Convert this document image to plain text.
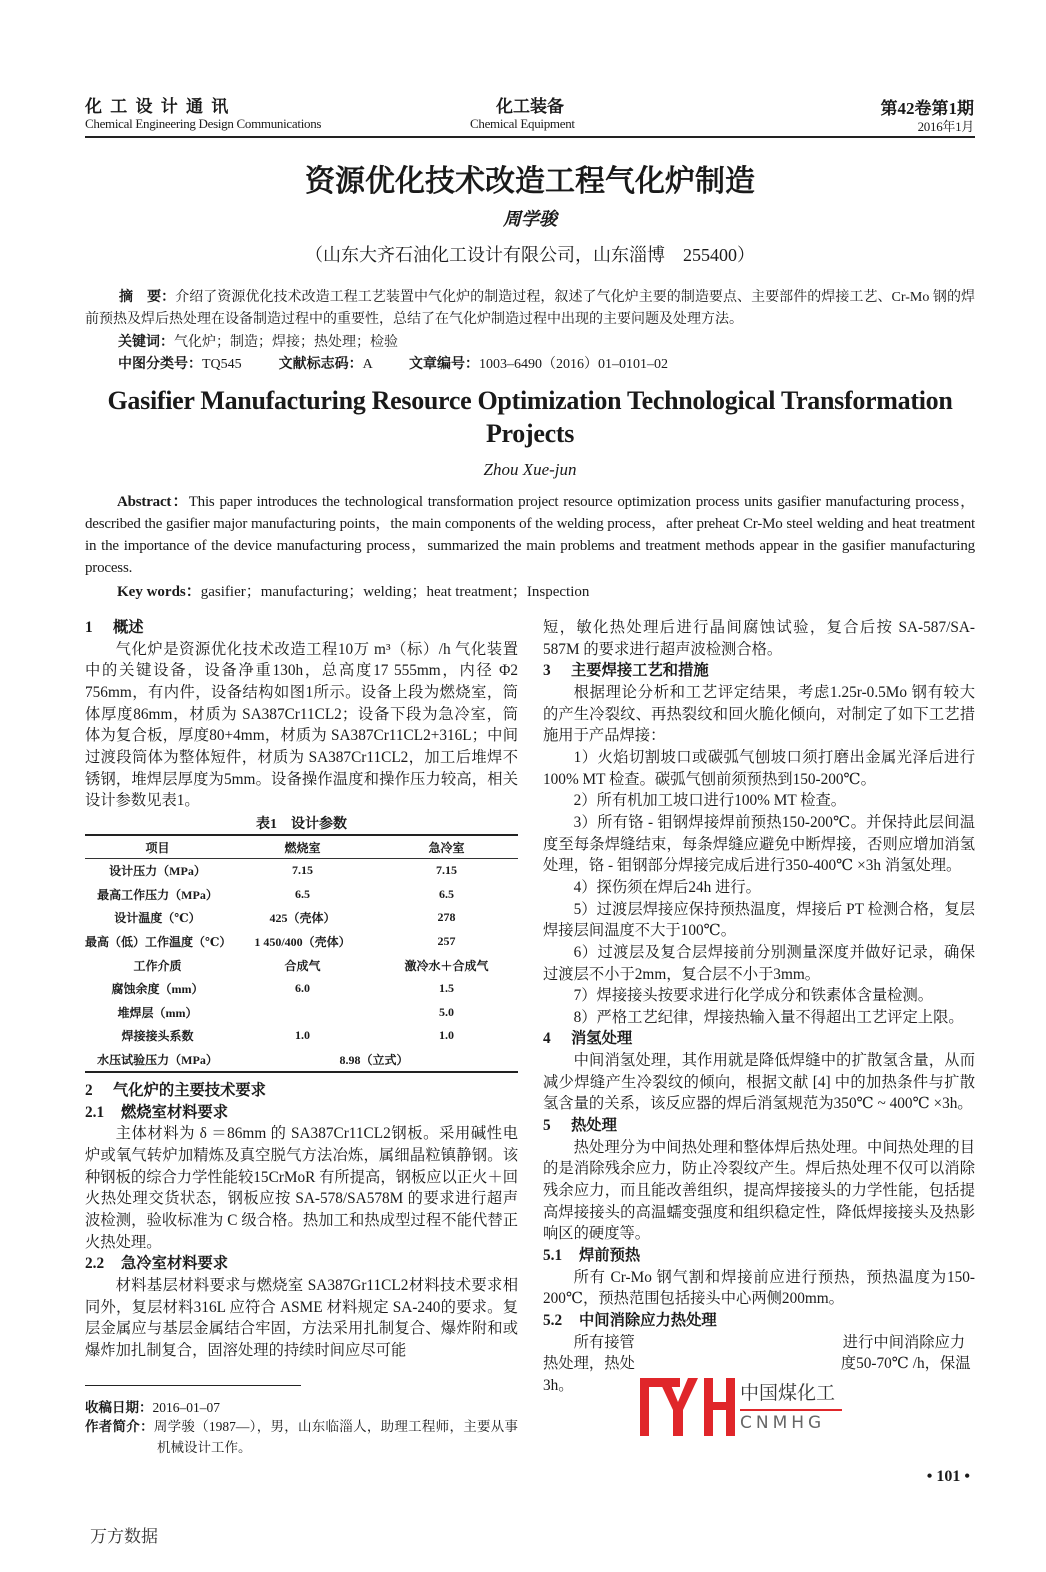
化 工 设 计 通 讯
Chemical Engineering Design Communications
化工装备
Chemical Equipment
第42卷第1期
2016年1月
资源优化技术改造工程气化炉制造
周学骏
（山东大齐石油化工设计有限公司，山东淄博　255400）
摘　要：介绍了资源优化技术改造工程工艺装置中气化炉的制造过程，叙述了气化炉主要的制造要点、主要部件的焊接工艺、Cr-Mo 钢的焊前预热及焊后热处理在设备制造过程中的重要性，总结了在气化炉制造过程中出现的主要问题及处理方法。
关键词：气化炉；制造；焊接；热处理；检验
中图分类号：TQ545	文献标志码：A	文章编号：1003–6490（2016）01–0101–02
Gasifier Manufacturing Resource Optimization Technological Transformation Projects
Zhou Xue-jun
Abstract：This paper introduces the technological transformation project resource optimization process units gasifier manufacturing process，described the gasifier major manufacturing points，the main components of the welding process，after preheat Cr-Mo steel welding and heat treatment in the importance of the device manufacturing process，summarized the main problems and treatment methods appear in the gasifier manufacturing process.
Key words：gasifier；manufacturing；welding；heat treatment；Inspection

1 概述

气化炉是资源优化技术改造工程10万 m³（标）/h 气化装置中的关键设备，设备净重130h，总高度17 555mm，内径 Φ2 756mm，有内件，设备结构如图1所示。设备上段为燃烧室，筒体厚度86mm，材质为 SA387Cr11CL2；设备下段为急冷室，筒体为复合板，厚度80+4mm，材质为 SA387Cr11CL2+316L；中间过渡段筒体为整体短件，材质为 SA387Cr11CL2，加工后堆焊不锈钢，堆焊层厚度为5mm。设备操作温度和操作压力较高，相关设计参数见表1。

表1　设计参数
项目	燃烧室	急冷室
设计压力（MPa）	7.15	7.15
最高工作压力（MPa）	6.5	6.5
设计温度（℃）	425（壳体）	278
最高（低）工作温度（℃）	1 450/400（壳体）	257
工作介质	合成气	激冷水＋合成气
腐蚀余度（mm）	6.0	1.5
堆焊层（mm）		5.0
焊接接头系数	1.0	1.0
水压试验压力（MPa）	8.98（立式）	

2 气化炉的主要技术要求

2.1 燃烧室材料要求

主体材料为 δ ＝86mm 的 SA387Cr11CL2钢板。采用碱性电炉或氧气转炉加精炼及真空脱气方法冶炼，属细晶粒镇静钢。该种钢板的综合力学性能较15CrMoR 有所提高，钢板应以正火＋回火热处理交货状态，钢板应按 SA-578/SA578M 的要求进行超声波检测，验收标准为 C 级合格。热加工和热成型过程不能代替正火热处理。

2.2 急冷室材料要求

材料基层材料要求与燃烧室 SA387Gr11CL2材料技术要求相同外，复层材料316L 应符合 ASME 材料规定 SA-240的要求。复层金属应与基层金属结合牢固，方法采用扎制复合、爆炸附和或爆炸加扎制复合，固溶处理的持续时间应尽可能

收稿日期：2016–01–07
作者简介：周学骏（1987—），男，山东临淄人，助理工程师，主要从事机械设计工作。

短，敏化热处理后进行晶间腐蚀试验，复合后按 SA-587/SA-587M 的要求进行超声波检测合格。

3 主要焊接工艺和措施

根据理论分析和工艺评定结果，考虑1.25r-0.5Mo 钢有较大的产生冷裂纹、再热裂纹和回火脆化倾向，对制定了如下工艺措施用于产品焊接：

1）火焰切割坡口或碳弧气刨坡口须打磨出金属光泽后进行100% MT 检查。碳弧气刨前须预热到150-200℃。

2）所有机加工坡口进行100% MT 检查。

3）所有铬 - 钼钢焊接焊前预热150-200℃。并保持此层间温度至每条焊缝结束，每条焊缝应避免中断焊接，否则应增加消氢处理，铬 - 钼钢部分焊接完成后进行350-400℃ ×3h 消氢处理。

4）探伤须在焊后24h 进行。

5）过渡层焊接应保持预热温度，焊接后 PT 检测合格，复层焊接层间温度不大于100℃。

6）过渡层及复合层焊接前分别测量深度并做好记录，确保过渡层不小于2mm，复合层不小于3mm。

7）焊接接头按要求进行化学成分和铁素体含量检测。

8）严格工艺纪律，焊接热输入量不得超出工艺评定上限。

4 消氢处理

中间消氢处理，其作用就是降低焊缝中的扩散氢含量，从而减少焊缝产生冷裂纹的倾向，根据文献 [4] 中的加热条件与扩散氢含量的关系，该反应器的焊后消氢规范为350℃ ~ 400℃ ×3h。

5 热处理

热处理分为中间热处理和整体焊后热处理。中间热处理的目的是消除残余应力，防止冷裂纹产生。焊后热处理不仅可以消除残余应力，而且能改善组织，提高焊接接头的力学性能，包括提高焊接接头的高温蠕变强度和组织稳定性，降低焊接接头及热影响区的硬度等。

5.1 焊前预热

所有 Cr-Mo 钢气割和焊接前应进行预热，预热温度为150-200℃，预热范围包括接头中心两侧200mm。

5.2 中间消除应力热处理

所有接管	进行中间消除应力热处理，热处	度50-70℃ /h，保温3h。	中国煤化工
CNMHG
• 101 •
万方数据
